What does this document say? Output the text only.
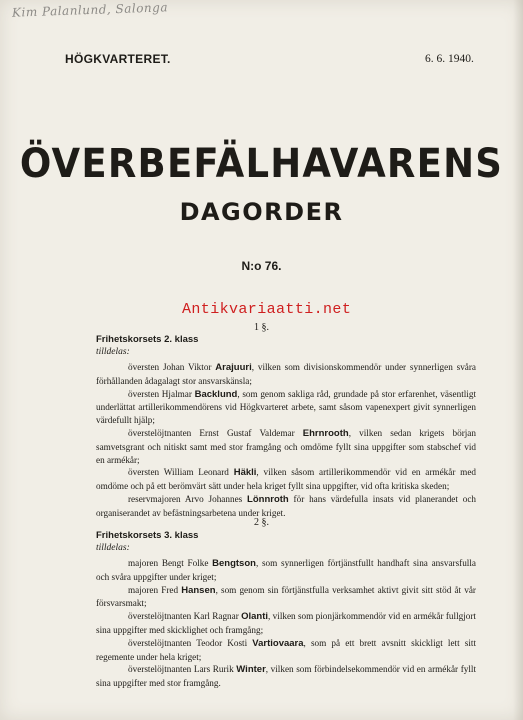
Kim Palanlund, Salonga
HÖGKVARTERET.	6. 6. 1940.
ÖVERBEFÄLHAVARENS
DAGORDER
N:o 76.
Antikvariaatti.net
1 §.
Frihetskorsets 2. klass
tilldelas:

översten Johan Viktor Arajuuri, vilken som divisionskommendör under synnerligen svåra förhållanden ådagalagt stor ansvarskänsla;

översten Hjalmar Backlund, som genom sakliga råd, grundade på stor erfarenhet, väsentligt underlättat artillerikommendörens vid Högkvarteret arbete, samt såsom vapenexpert givit synnerligen värdefullt hjälp;

överstelöjtnanten Ernst Gustaf Valdemar Ehrnrooth, vilken sedan krigets början samvetsgrant och nitiskt samt med stor framgång och omdöme fyllt sina uppgifter som stabschef vid en armékår;

översten William Leonard Häkli, vilken såsom artillerikommendör vid en armékår med omdöme och på ett berömvärt sätt under hela kriget fyllt sina uppgifter, vid ofta kritiska skeden;

reservmajoren Arvo Johannes Lönnroth för hans värdefulla insats vid planerandet och organiserandet av befästningsarbetena under kriget.

2 §.
Frihetskorsets 3. klass
tilldelas:

majoren Bengt Folke Bengtson, som synnerligen förtjänstfullt handhaft sina ansvarsfulla och svåra uppgifter under kriget;

majoren Fred Hansen, som genom sin förtjänstfulla verksamhet aktivt givit sitt stöd åt vår försvarsmakt;

överstelöjtnanten Karl Ragnar Olanti, vilken som pionjärkommendör vid en armékår fullgjort sina uppgifter med skicklighet och framgång;

överstelöjtnanten Teodor Kosti Vartiovaara, som på ett brett avsnitt skickligt lett sitt regemente under hela kriget;

överstelöjtnanten Lars Rurik Winter, vilken som förbindelsekommendör vid en armékår fyllt sina uppgifter med stor framgång.
